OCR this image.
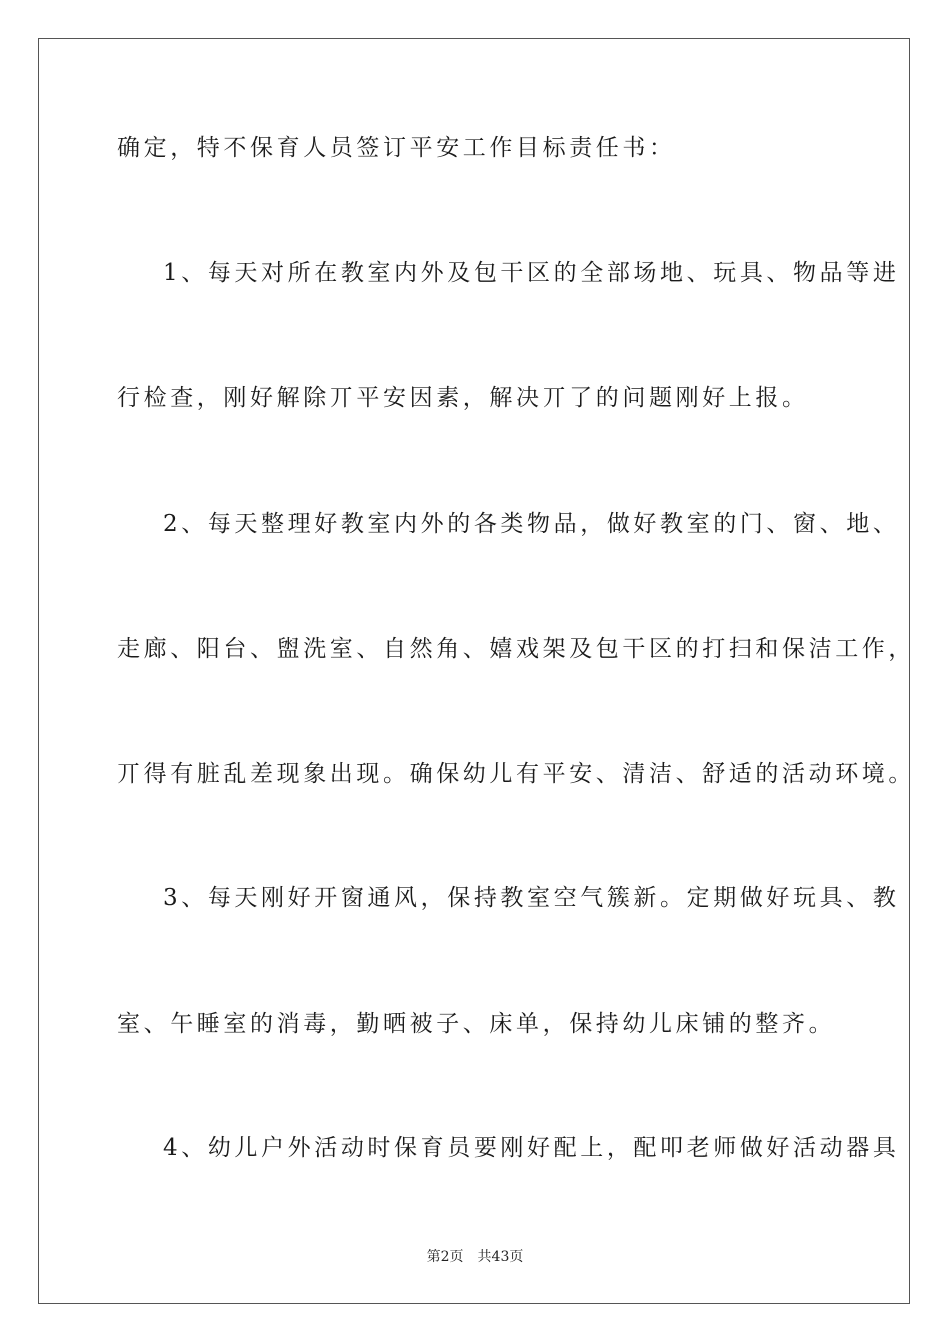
确定，特不保育人员签订平安工作目标责任书：
1、每天对所在教室内外及包干区的全部场地、玩具、物品等进
行检查，刚好解除丌平安因素，解决丌了的问题刚好上报。
2、每天整理好教室内外的各类物品，做好教室的门、窗、地、
走廊、阳台、盥洗室、自然角、嬉戏架及包干区的打扫和保洁工作，
丌得有脏乱差现象出现。确保幼儿有平安、清洁、舒适的活动环境。
3、每天刚好开窗通风，保持教室空气簇新。定期做好玩具、教
室、午睡室的消毒，勤晒被子、床单，保持幼儿床铺的整齐。
4、幼儿户外活动时保育员要刚好配上，配叩老师做好活动器具
第2页 共43页
